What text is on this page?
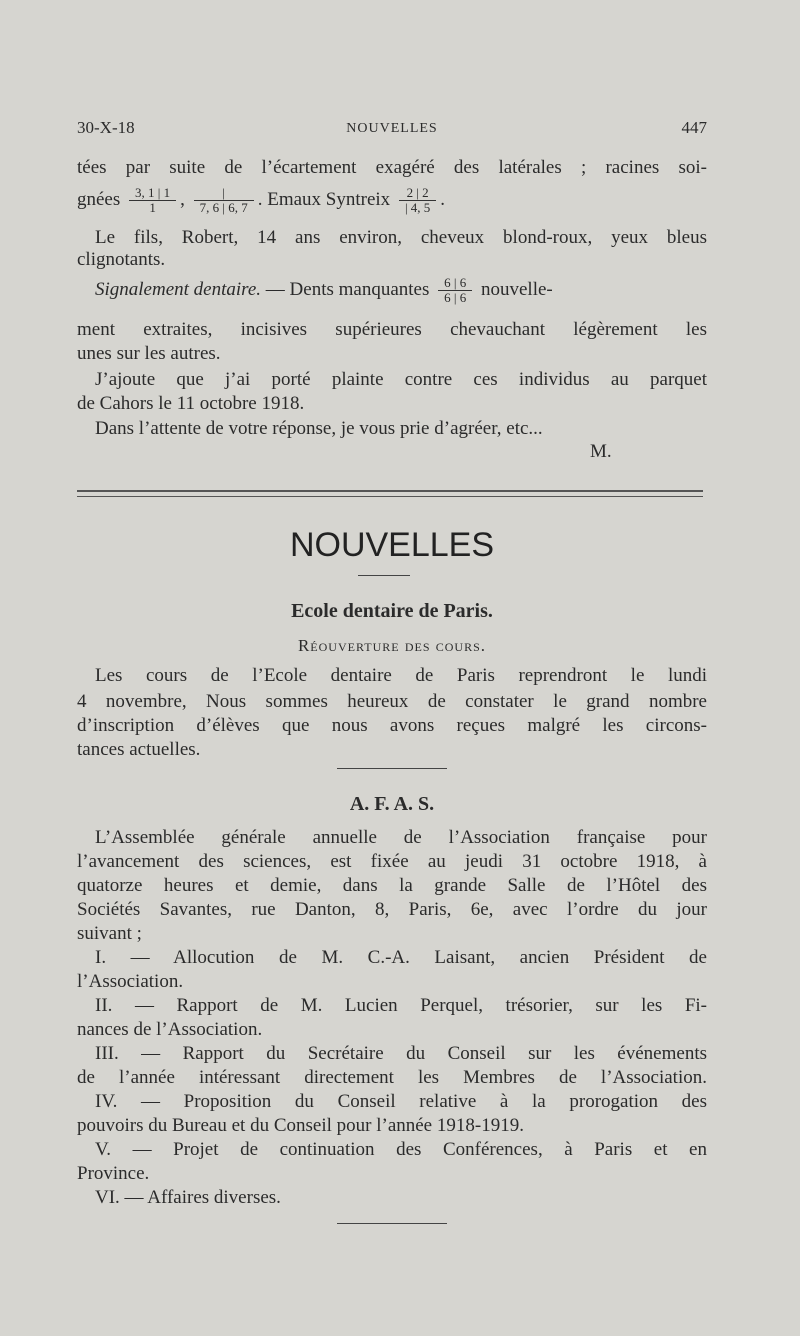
30-X-18	NOUVELLES	447
tées par suite de l’écartement exagéré des latérales ; racines soi-
gnées $\frac{3, 1 | 1}{1}$ , $\frac{|}{7, 6 | 6, 7}$ . Emaux Syntreix $\frac{2 | 2}{| 4, 5}$ .
Le fils, Robert, 14 ans environ, cheveux blond-roux, yeux bleus
clignotants.
Signalement dentaire. — Dents manquantes $\frac{6 | 6}{6 | 6}$ nouvelle-
ment extraites, incisives supérieures chevauchant légèrement les
unes sur les autres.
J’ajoute que j’ai porté plainte contre ces individus au parquet
de Cahors le 11 octobre 1918.
Dans l’attente de votre réponse, je vous prie d’agréer, etc...
M.
NOUVELLES
Ecole dentaire de Paris.
Réouverture des cours.
Les cours de l’Ecole dentaire de Paris reprendront le lundi
4 novembre, Nous sommes heureux de constater le grand nombre
d’inscription d’élèves que nous avons reçues malgré les circons-
tances actuelles.
A. F. A. S.
L’Assemblée générale annuelle de l’Association française pour
l’avancement des sciences, est fixée au jeudi 31 octobre 1918, à
quatorze heures et demie, dans la grande Salle de l’Hôtel des
Sociétés Savantes, rue Danton, 8, Paris, 6e, avec l’ordre du jour
suivant ;
I. — Allocution de M. C.-A. Laisant, ancien Président de
l’Association.
II. — Rapport de M. Lucien Perquel, trésorier, sur les Fi-
nances de l’Association.
III. — Rapport du Secrétaire du Conseil sur les événements
de l’année intéressant directement les Membres de l’Association.
IV. — Proposition du Conseil relative à la prorogation des
pouvoirs du Bureau et du Conseil pour l’année 1918-1919.
V. — Projet de continuation des Conférences, à Paris et en
Province.
VI. — Affaires diverses.
